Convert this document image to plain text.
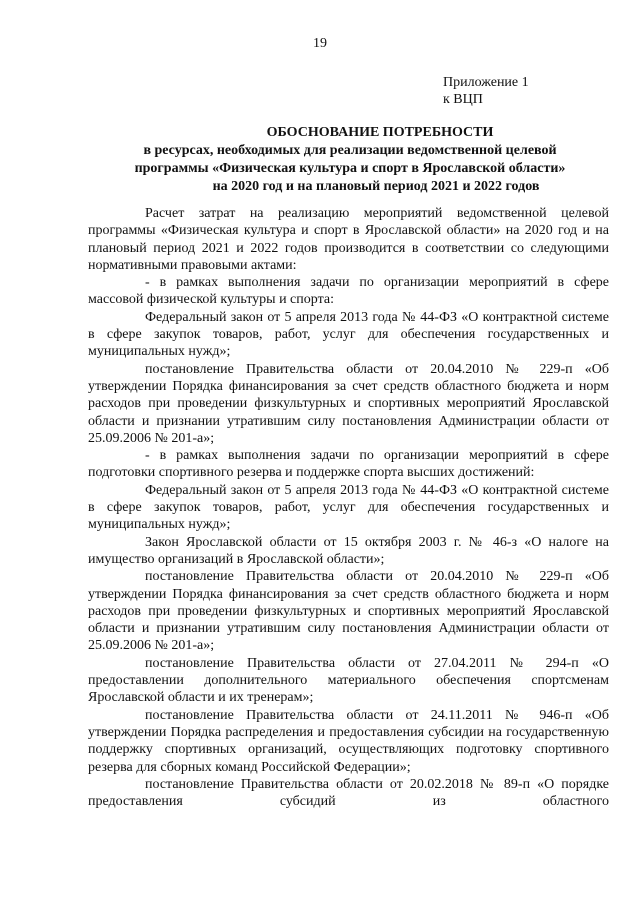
19
Приложение 1
к ВЦП
ОБОСНОВАНИЕ ПОТРЕБНОСТИ
в ресурсах, необходимых для реализации ведомственной целевой
программы «Физическая культура и спорт в Ярославской области»
на 2020 год и на плановый период 2021 и 2022 годов

Расчет затрат на реализацию мероприятий ведомственной целевой программы «Физическая культура и спорт в Ярославской области» на 2020 год и на плановый период 2021 и 2022 годов производится в соответствии со следующими нормативными правовыми актами:

- в рамках выполнения задачи по организации мероприятий в сфере массовой физической культуры и спорта:

Федеральный закон от 5 апреля 2013 года № 44-ФЗ «О контрактной системе в сфере закупок товаров, работ, услуг для обеспечения государственных и муниципальных нужд»;

постановление Правительства области от 20.04.2010 № 229-п «Об утверждении Порядка финансирования за счет средств областного бюджета и норм расходов при проведении физкультурных и спортивных мероприятий Ярославской области и признании утратившим силу постановления Администрации области от 25.09.2006 № 201-а»;

- в рамках выполнения задачи по организации мероприятий в сфере подготовки спортивного резерва и поддержке спорта высших достижений:

Федеральный закон от 5 апреля 2013 года № 44-ФЗ «О контрактной системе в сфере закупок товаров, работ, услуг для обеспечения государственных и муниципальных нужд»;

Закон Ярославской области от 15 октября 2003 г. № 46-з «О налоге на имущество организаций в Ярославской области»;

постановление Правительства области от 20.04.2010 № 229-п «Об утверждении Порядка финансирования за счет средств областного бюджета и норм расходов при проведении физкультурных и спортивных мероприятий Ярославской области и признании утратившим силу постановления Администрации области от 25.09.2006 № 201-а»;

постановление Правительства области от 27.04.2011 № 294-п «О предоставлении дополнительного материального обеспечения спортсменам Ярославской области и их тренерам»;

постановление Правительства области от 24.11.2011 № 946-п «Об утверждении Порядка распределения и предоставления субсидии на государственную поддержку спортивных организаций, осуществляющих подготовку спортивного резерва для сборных команд Российской Федерации»;

постановление Правительства области от 20.02.2018 № 89-п «О порядке предоставления субсидий из областного
